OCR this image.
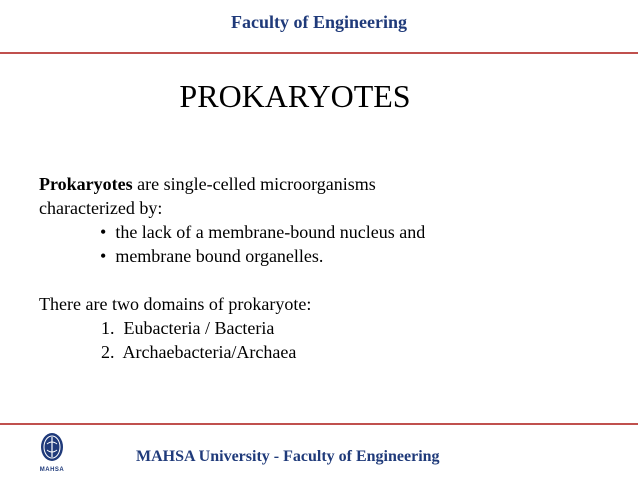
Faculty of Engineering
PROKARYOTES
Prokaryotes are single-celled microorganisms
characterized by:
•  the lack of a membrane-bound nucleus and
•  membrane bound organelles.
There are two domains of prokaryote:
1. Eubacteria / Bacteria
2. Archaebacteria/Archaea
MAHSA
MAHSA University - Faculty of Engineering
